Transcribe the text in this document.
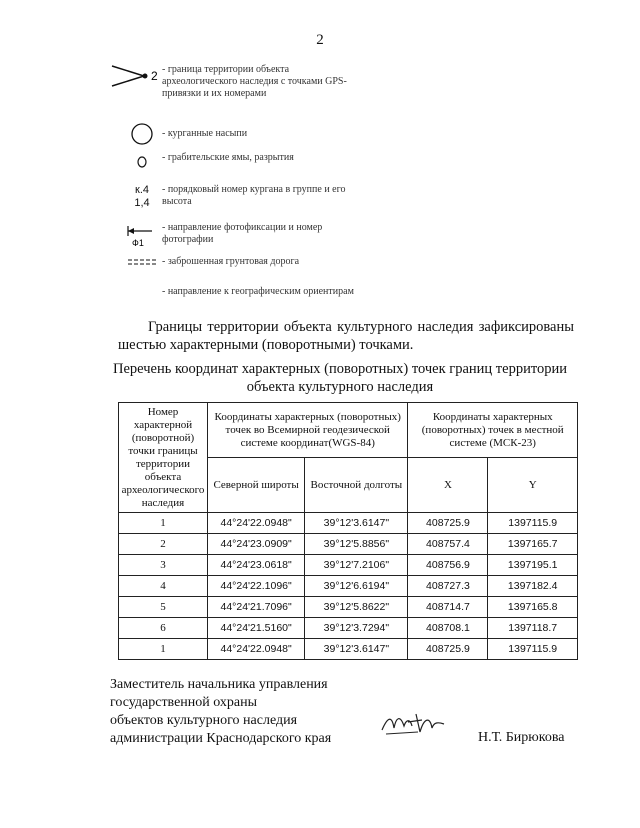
2
2 - граница территории объекта археологического наследия с точками GPS-привязки и их номерами
- курганные насыпи
- грабительские ямы, разрытия
к.4
1,4
- порядковый номер кургана в группе и его высота
Ф1
- направление фотофиксации и номер фотографии
- заброшенная грунтовая дорога
- направление к географическим ориентирам
Границы территории объекта культурного наследия зафиксированы шестью характерными (поворотными) точками.
Перечень координат характерных (поворотных) точек границ территории объекта культурного наследия
Номер характерной (поворотной) точки границы территории объекта археологического наследия	Координаты характерных (поворотных) точек во Всемирной геодезической системе координат(WGS-84)		Координаты характерных (поворотных) точек в местной системе (МСК-23)	
	Северной широты	Восточной долготы	X	Y
1	44°24'22.0948"	39°12'3.6147"	408725.9	1397115.9
2	44°24'23.0909"	39°12'5.8856"	408757.4	1397165.7
3	44°24'23.0618"	39°12'7.2106"	408756.9	1397195.1
4	44°24'22.1096"	39°12'6.6194"	408727.3	1397182.4
5	44°24'21.7096"	39°12'5.8622"	408714.7	1397165.8
6	44°24'21.5160"	39°12'3.7294"	408708.1	1397118.7
1	44°24'22.0948"	39°12'3.6147"	408725.9	1397115.9
Заместитель начальника управления
государственной охраны
объектов культурного наследия
администрации Краснодарского края	Н.Т. Бирюкова
